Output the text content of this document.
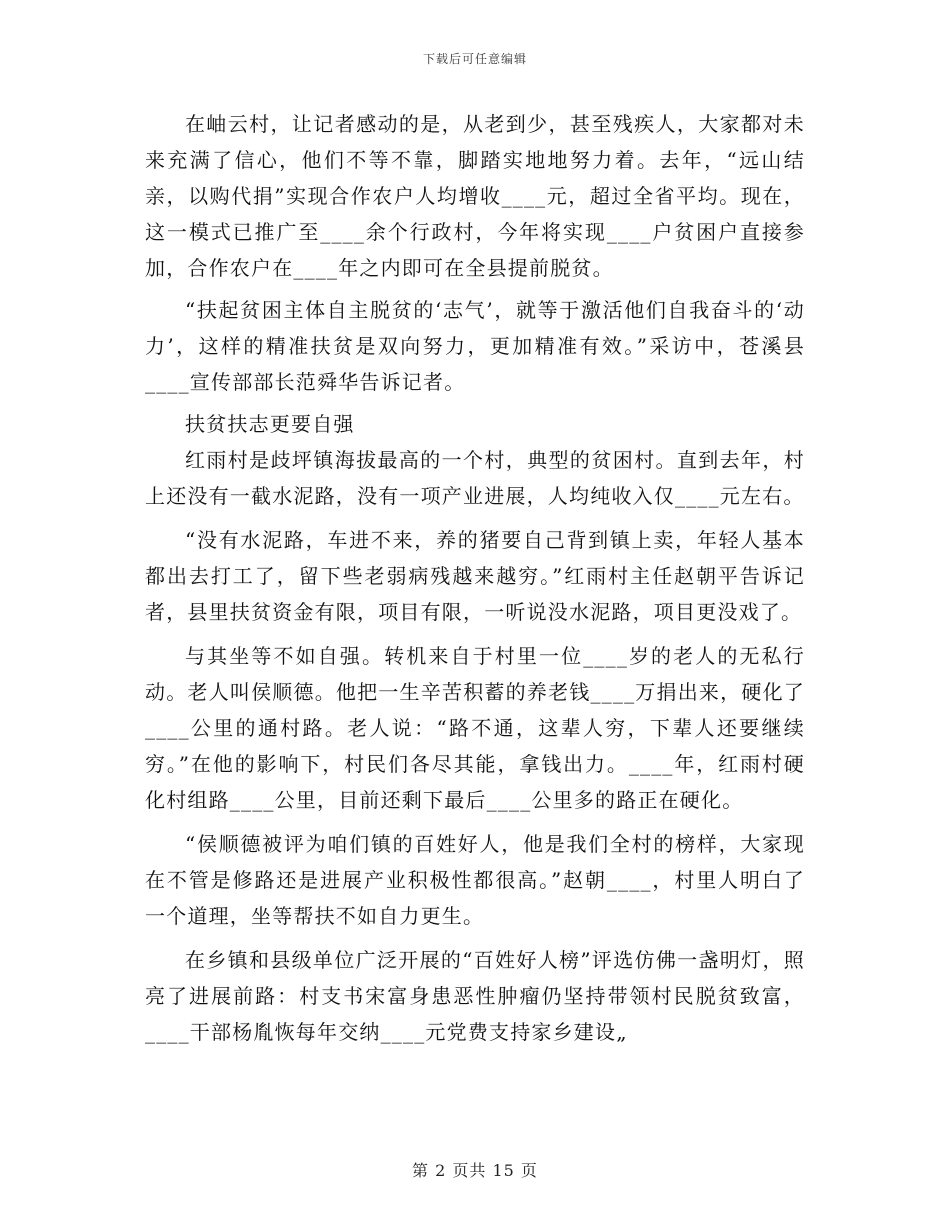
下载后可任意编辑

在岫云村，让记者感动的是，从老到少，甚至残疾人，大家都对未来充满了信心，他们不等不靠，脚踏实地地努力着。去年，“远山结亲，以购代捐”实现合作农户人均增收____元，超过全省平均。现在，这一模式已推广至____余个行政村，今年将实现____户贫困户直接参加，合作农户在____年之内即可在全县提前脱贫。

“扶起贫困主体自主脱贫的‘志气’，就等于激活他们自我奋斗的‘动力’，这样的精准扶贫是双向努力，更加精准有效。”采访中，苍溪县____宣传部部长范舜华告诉记者。

扶贫扶志更要自强

红雨村是歧坪镇海拔最高的一个村，典型的贫困村。直到去年，村上还没有一截水泥路，没有一项产业进展，人均纯收入仅____元左右。

“没有水泥路，车进不来，养的猪要自己背到镇上卖，年轻人基本都出去打工了，留下些老弱病残越来越穷。”红雨村主任赵朝平告诉记者，县里扶贫资金有限，项目有限，一听说没水泥路，项目更没戏了。

与其坐等不如自强。转机来自于村里一位____岁的老人的无私行动。老人叫侯顺德。他把一生辛苦积蓄的养老钱____万捐出来，硬化了____公里的通村路。老人说：“路不通，这辈人穷，下辈人还要继续穷。”在他的影响下，村民们各尽其能，拿钱出力。____年，红雨村硬化村组路____公里，目前还剩下最后____公里多的路正在硬化。

“侯顺德被评为咱们镇的百姓好人，他是我们全村的榜样，大家现在不管是修路还是进展产业积极性都很高。”赵朝____，村里人明白了一个道理，坐等帮扶不如自力更生。

在乡镇和县级单位广泛开展的“百姓好人榜”评选仿佛一盏明灯，照亮了进展前路：村支书宋富身患恶性肿瘤仍坚持带领村民脱贫致富，____干部杨胤恢每年交纳____元党费支持家乡建设„

第 2 页共 15 页
